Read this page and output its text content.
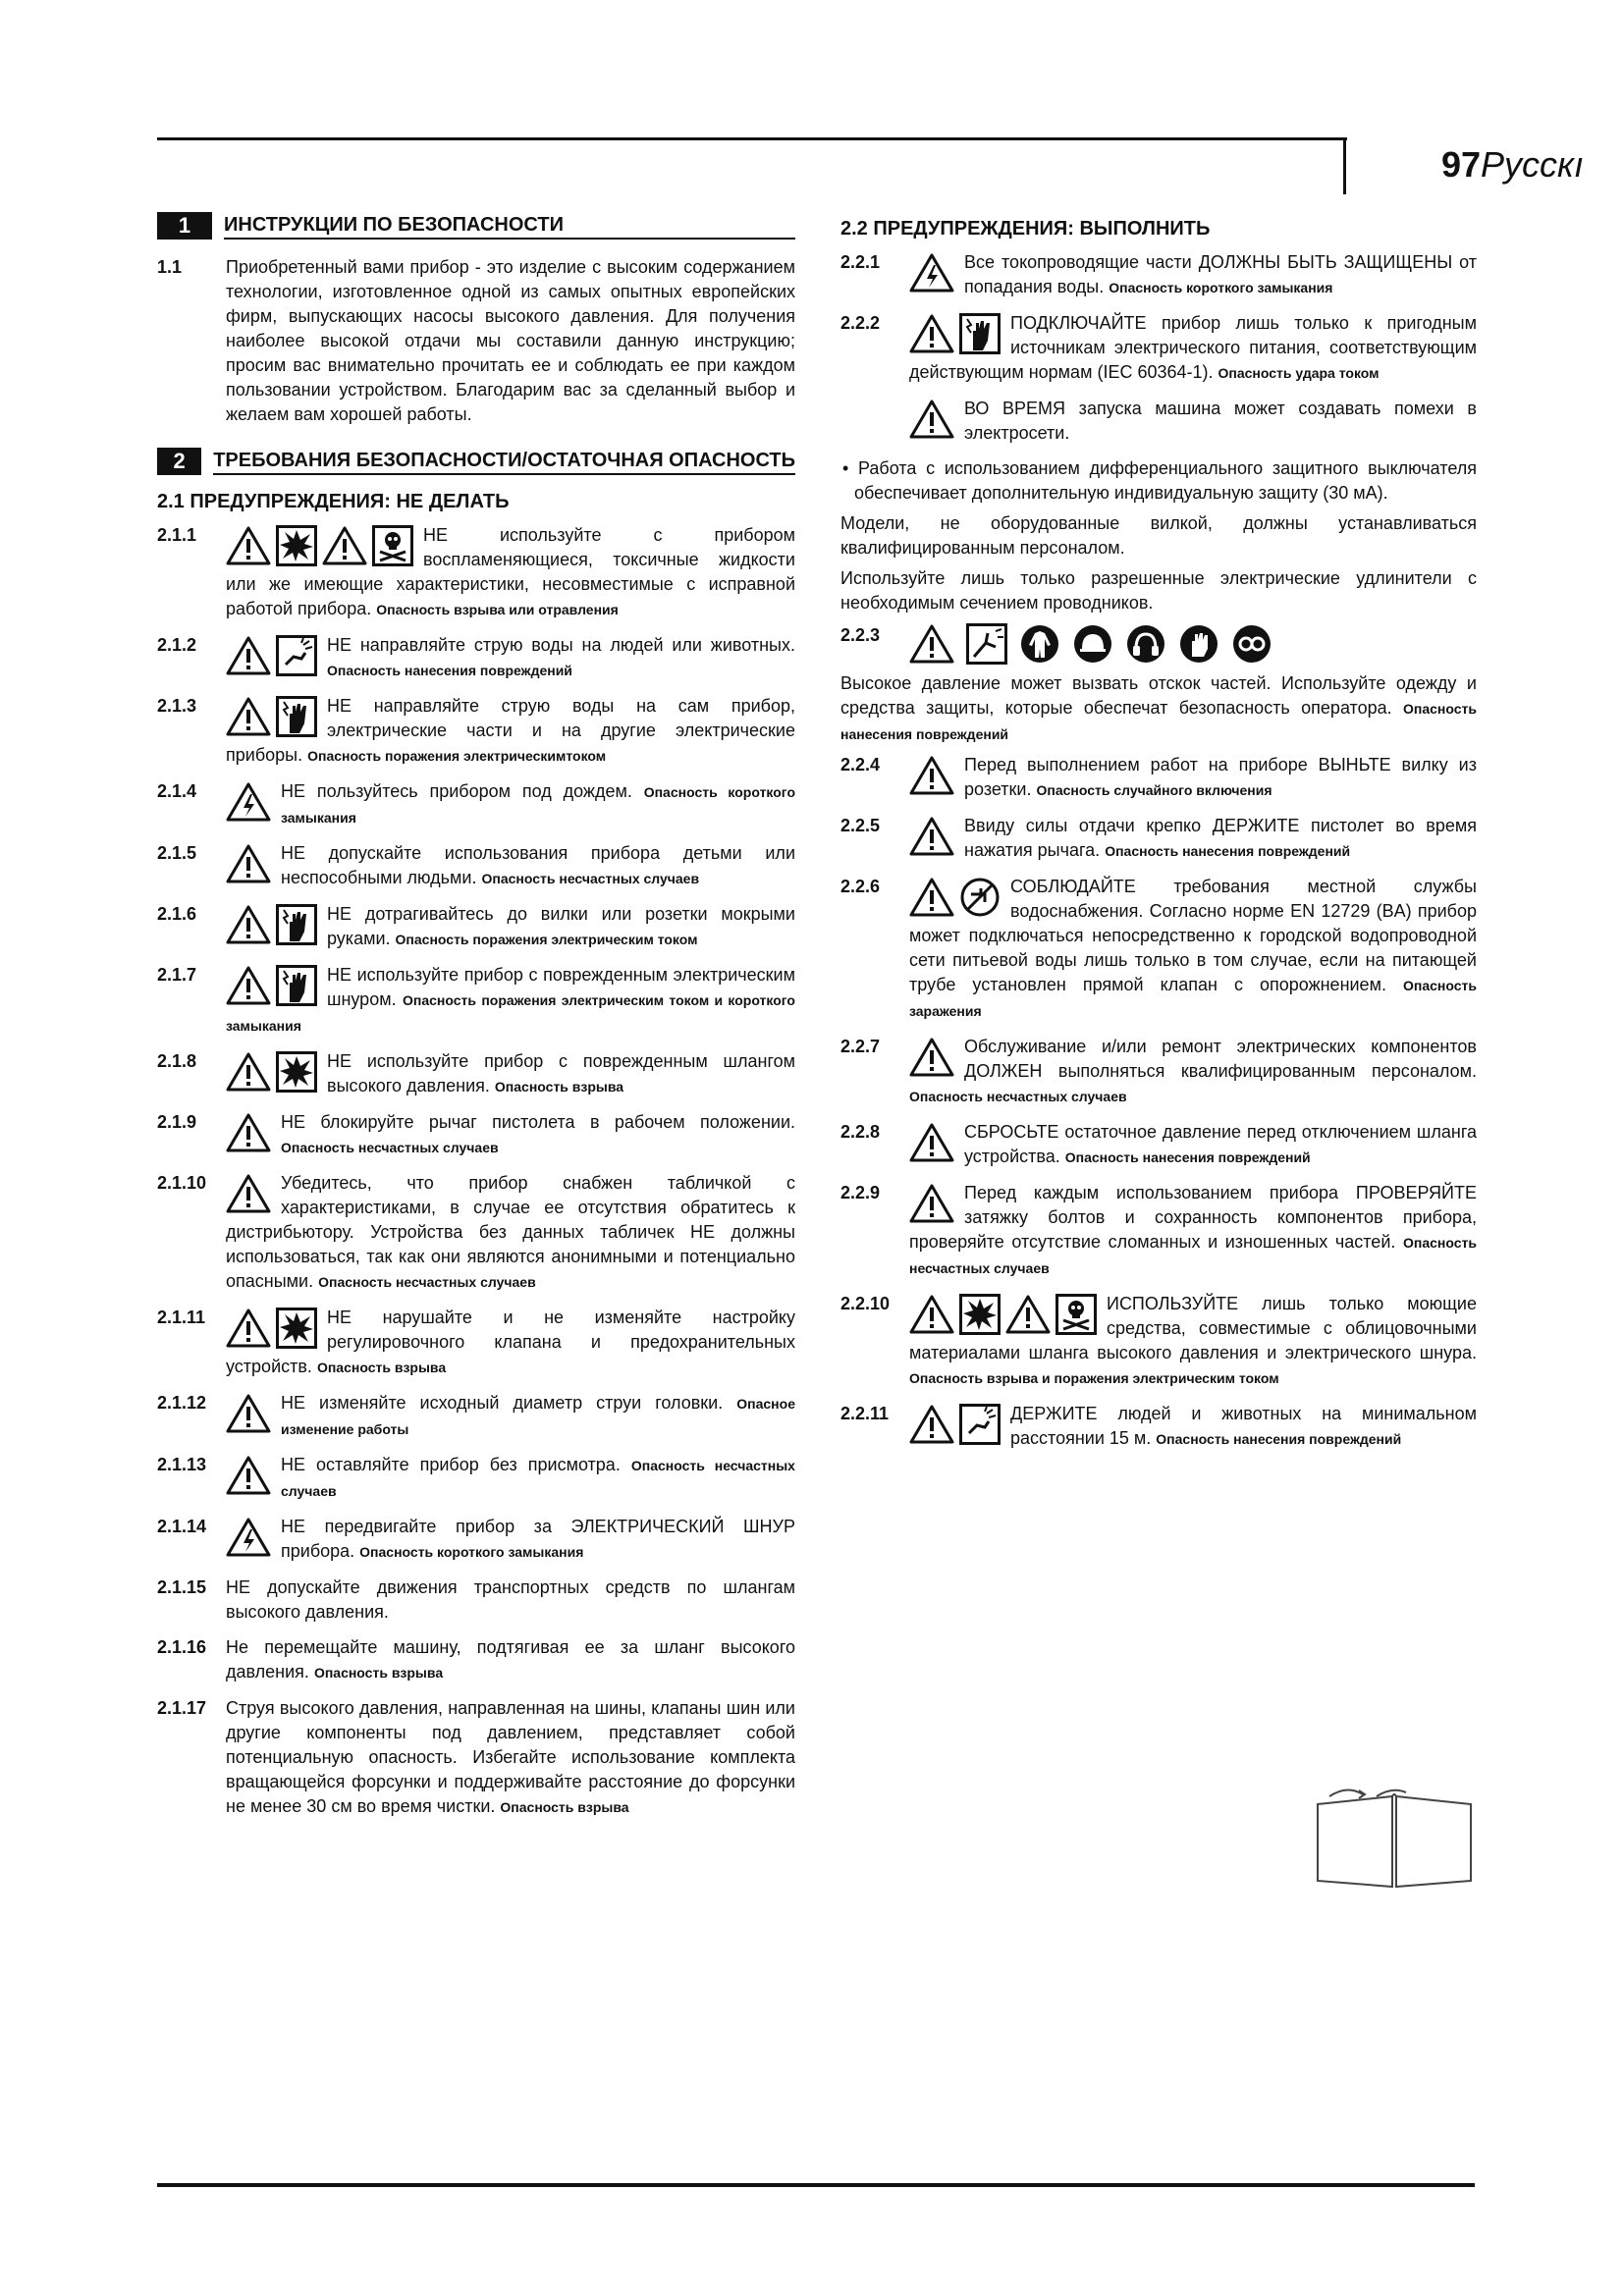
97Русскı
1	ИНСТРУКЦИИ ПО БЕЗОПАСНОСТИ
1.1 Приобретенный вами прибор - это изделие с высоким содержанием технологии, изготовленное одной из самых опытных европейских фирм, выпускающих насосы высокого давления. Для получения наиболее высокой отдачи мы составили данную инструкцию; просим вас внимательно прочитать ее и соблюдать ее при каждом пользовании устройством. Благодарим вас за сделанный выбор и желаем вам хорошей работы.
2	ТРЕБОВАНИЯ БЕЗОПАСНОСТИ/ОСТАТОЧНАЯ ОПАСНОСТЬ
2.1 ПРЕДУПРЕЖДЕНИЯ: НЕ ДЕЛАТЬ
2.1.1	НЕ используйте с прибором воспламеняющиеся, токсичные жидкости или же имеющие характеристики, несовместимые с исправной работой прибора. Опасность взрыва или отравления
2.1.2	НЕ направляйте струю воды на людей или животных. Опасность нанесения повреждений
2.1.3	НЕ направляйте струю воды на сам прибор, электрические части и на другие электрические приборы. Опасность поражения электрическимтоком
2.1.4	НЕ пользуйтесь прибором под дождем. Опасность короткого замыкания
2.1.5	НЕ допускайте использования прибора детьми или неспособными людьми. Опасность несчастных случаев
2.1.6	НЕ дотрагивайтесь до вилки или розетки мокрыми руками. Опасность поражения электрическим током
2.1.7	НЕ используйте прибор с поврежденным электрическим шнуром. Опасность поражения электрическим током и короткого замыкания
2.1.8	НЕ используйте прибор с поврежденным шлангом высокого давления. Опасность взрыва
2.1.9	НЕ блокируйте рычаг пистолета в рабочем положении. Опасность несчастных случаев
2.1.10	Убедитесь, что прибор снабжен табличкой с характеристиками, в случае ее отсутствия обратитесь к дистрибьютору. Устройства без данных табличек НЕ должны использоваться, так как они являются анонимными и потенциально опасными. Опасность несчастных случаев
2.1.11	НЕ нарушайте и не изменяйте настройку регулировочного клапана и предохранительных устройств. Опасность взрыва
2.1.12	НЕ изменяйте исходный диаметр струи головки. Опасное изменение работы
2.1.13	НЕ оставляйте прибор без присмотра. Опасность несчастных случаев
2.1.14	НЕ передвигайте прибор за ЭЛЕКТРИЧЕСКИЙ ШНУР прибора. Опасность короткого замыкания
2.1.15 НЕ допускайте движения транспортных средств по шлангам высокого давления.
2.1.16 Не перемещайте машину, подтягивая ее за шланг высокого давления. Опасность взрыва
2.1.17 Струя высокого давления, направленная на шины, клапаны шин или другие компоненты под давлением, представляет собой потенциальную опасность. Избегайте использование комплекта вращающейся форсунки и поддерживайте расстояние до форсунки не менее 30 см во время чистки. Опасность взрыва
2.2 ПРЕДУПРЕЖДЕНИЯ: ВЫПОЛНИТЬ
2.2.1	Все токопроводящие части ДОЛЖНЫ БЫТЬ ЗАЩИЩЕНЫ от попадания воды. Опасность короткого замыкания
2.2.2	ПОДКЛЮЧАЙТЕ прибор лишь только к пригодным источникам электрического питания, соответствующим действующим нормам (IEC 60364-1). Опасность удара током
ВО ВРЕМЯ запуска машина может создавать помехи в электросети.

• Работа с использованием дифференциального защитного выключателя обеспечивает дополнительную индивидуальную защиту (30 мА).

Модели, не оборудованные вилкой, должны устанавливаться квалифицированным персоналом.

Используйте лишь только разрешенные электрические удлинители с необходимым сечением проводников.

2.2.3

Высокое давление может вызвать отскок частей. Используйте одежду и средства защиты, которые обеспечат безопасность оператора. Опасность нанесения повреждений

2.2.4	Перед выполнением работ на приборе ВЫНЬТЕ вилку из розетки. Опасность случайного включения
2.2.5	Ввиду силы отдачи крепко ДЕРЖИТЕ пистолет во время нажатия рычага. Опасность нанесения повреждений
2.2.6	СОБЛЮДАЙТЕ требования местной службы водоснабжения. Согласно норме EN 12729 (BA) прибор может подключаться непосредственно к городской водопроводной сети питьевой воды лишь только в том случае, если на питающей трубе установлен прямой клапан с опорожнением. Опасность заражения
2.2.7	Обслуживание и/или ремонт электрических компонентов ДОЛЖЕН выполняться квалифицированным персоналом. Опасность несчастных случаев
2.2.8	СБРОСЬТЕ остаточное давление перед отключением шланга устройства. Опасность нанесения повреждений
2.2.9	Перед каждым использованием прибора ПРОВЕРЯЙТЕ затяжку болтов и сохранность компонентов прибора, проверяйте отсутствие сломанных и изношенных частей. Опасность несчастных случаев
2.2.10	ИСПОЛЬЗУЙТЕ лишь только моющие средства, совместимые с облицовочными материалами шланга высокого давления и электрического шнура. Опасность взрыва и поражения электрическим током
2.2.11	ДЕРЖИТЕ людей и животных на минимальном расстоянии 15 м. Опасность нанесения повреждений
